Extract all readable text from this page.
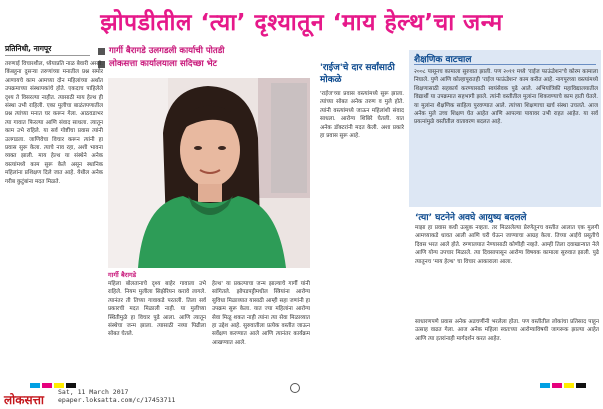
झोपडीतील ‘त्या’ दृश्यातून ‘माय हेल्थ’चा जन्म
प्रतिनिधी, नागपूर	गार्गी बैरागडे उलगडली कार्याची पोतडी
लोकसत्ता कार्यालयाला सदिच्छा भेट

तरुणाई विचारशील, ध्येयाप्रति नाळ बेवारी असते. किंबहुना दुसऱ्या तरुणांच्या मनातील प्रश्न समोर आणायचे काम आमच्या दोन महिलांच्या अर्थात उपक्रमाच्या संस्थापकांचे होते. एकदाच पाहिलेले दृश्य ते विसरल्या नाहीत. त्यासाठी माय हेल्थ ही संस्था उभी राहिली. एका मुलीचा बाळंतपणातील प्रश्न त्यांच्या मनात घर करून गेला. आठवडाभर त्या गावात फिरल्या आणि संवाद साधला. त्यातून काम उभे राहिले. या सर्व गोष्टींचा प्रवास त्यांनी उलगडला. जाणिवेचा विचार करून त्यांनी हा प्रवास सुरू केला. त्याचे नाव रहा, अशी भावना व्यक्त झाली. माय हेल्थ या संस्थेने अनेक वस्त्यांमध्ये काम सुरू केले असून स्थानिक महिलांना प्रशिक्षण दिले जात आहे. येथील अनेक गरीब कुटुंबांना मदत मिळते.

गार्गी बैरागडे

महिला बोलतानाचे दृश्य बाहेर गावाला उभे राहिले. नियम मुलीला सिझेरियन करावे लागले. त्यानंतर ती तिच्या गावाकडे परतली. तिला सर्व प्रकारची मदत मिळाली नाही. या मुलीच्या स्थितीमुळे हा विचार पुढे आला. आणि त्यातून संस्थेचा जन्म झाला. त्यासाठी नव्या पिढीला सोबत घेतले.

हेल्थ' या प्रकल्पाचा जन्म झाल्याचे गार्गी यांनी सांगितले. झोपडपट्टीमधील स्त्रियांना आरोग्य सुविधा मिळाव्यात यासाठी आम्ही सहा जणांनी हा उपक्रम सुरू केला. यात ज्या महिलांना आरोग्य सेवा मिळू शकत नाही त्यांना त्या सेवा मिळाव्यात हा उद्देश आहे. सुरुवातीला प्रत्येक वस्तीत जाऊन सर्वेक्षण करण्यात आले आणि त्यानंतर कार्यक्रम आखण्यात आले.

'राईज'चे दार सर्वांसाठी मोकळे

'राईज'च्या प्रवास वस्त्यांमध्ये सुरू झाला. त्यांच्या सोबत अनेक तरुण व मुले होते. त्यांनी वस्त्यांमध्ये जाऊन महिलांशी संवाद साधला. आरोग्य शिबिरे घेतली. यात अनेक डॉक्टरांनी मदत केली. अशा प्रकारे हा प्रवास सुरू आहे.

शैक्षणिक वाटचाल

२००८ पासूनच कामाला सुरुवात झाली. पण २०११ मध्ये 'राईज फाऊंडेशन'चे कोरम कामाला निघाले. पुणे आणि कोल्हापूरातही 'राईज फाऊंडेशन' काम करीत आहे. नागपूरच्या वस्त्यांमध्ये शिक्षणासाठी सहकार्य करण्यासाठी स्वयंसेवक पुढे आले. अभियांत्रिकी महाविद्यालयातील विद्यार्थी या उपक्रमात सहभागी झाले. त्यांनी वस्तीतील मुलांना शिकवण्याचे काम हाती घेतले. या मुलांना शैक्षणिक साहित्य पुरवण्यात आले. त्यांच्या शिक्षणाचा खर्च संस्था उचलते. आज अनेक मुले उच्च शिक्षण घेत आहेत आणि आपल्या पायावर उभी राहत आहेत. या सर्व प्रयत्नांमुळे वस्तीतील वातावरण बदलत आहे.

‘त्या’ घटनेने अवघे आयुष्य बदलले

माझा हा प्रवास कधी उत्सुक नव्हता. तर मिळालेल्या प्रेरणेतूनच वस्तीत आलात एक मुलगी आमच्याकडे धावत आली आणि घरी घेऊन जाण्याचा आग्रह केला. तिच्या आईचे प्रसूतीचे दिवस भरत आले होते. रुग्णालयात नेण्यासाठी कोणीही नव्हते. आम्ही तिला दवाखान्यात नेले आणि योग्य उपचार मिळाले. त्या दिवसापासून आरोग्य विषयक कामाला सुरुवात झाली. पुढे त्यातूनच 'माय हेल्थ' चा विचार आकाराला आला.

साधारणपणे प्रवास अनेक अडचणींनी भरलेला होता. पण वस्तीतील लोकांचा प्रतिसाद पाहून उत्साह वाढत गेला. आज अनेक महिला स्वतःच्या आरोग्याविषयी जागरूक झाल्या आहेत आणि त्या इतरांनाही मार्गदर्शन करत आहेत.

लोकसत्ता
Sat, 11 March 2017
epaper.loksatta.com/c/17453711
